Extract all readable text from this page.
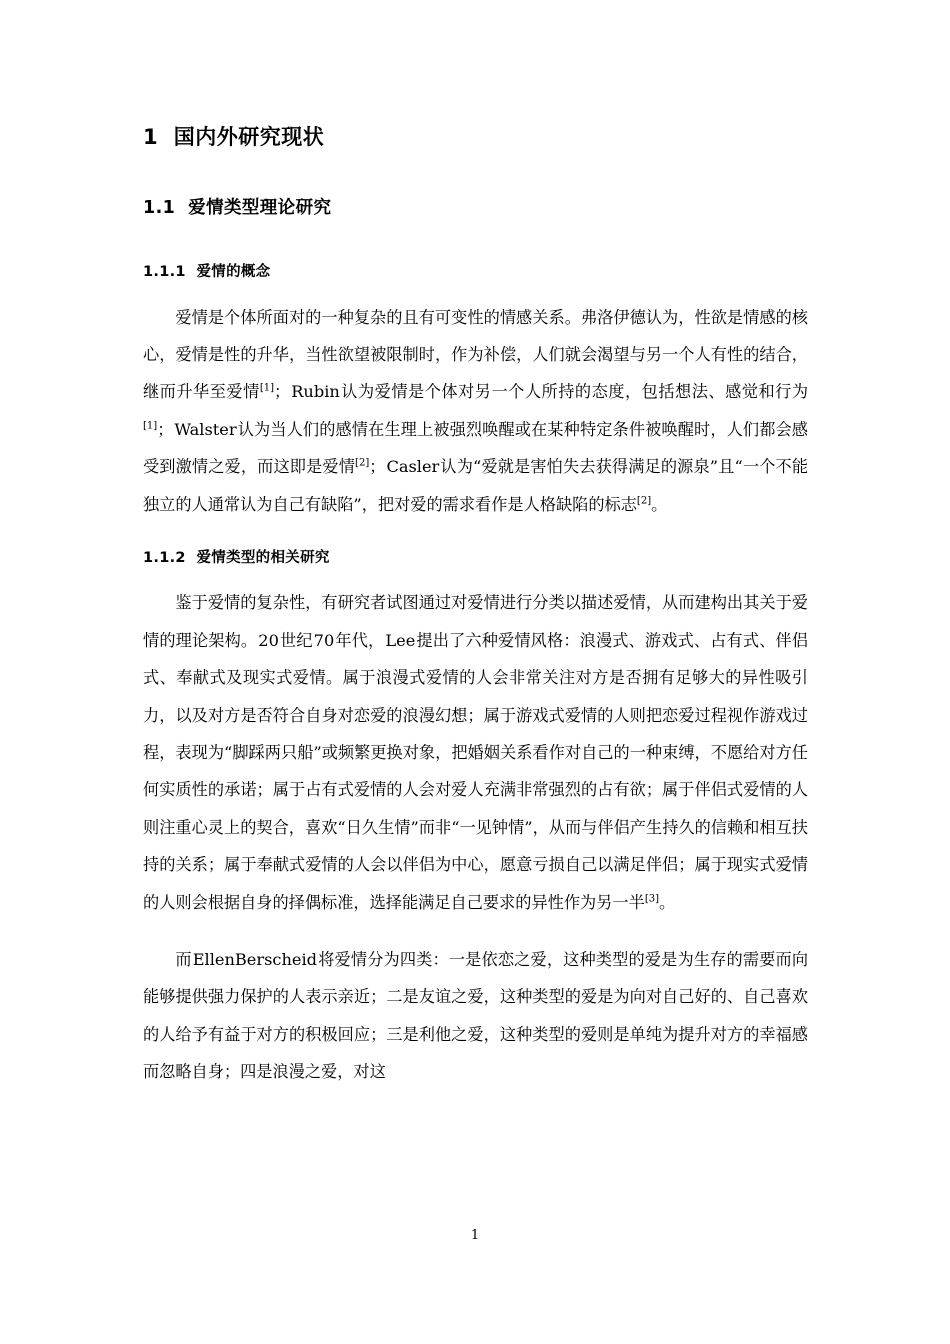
1  国内外研究现状
1.1  爱情类型理论研究
1.1.1  爱情的概念

爱情是个体所面对的一种复杂的且有可变性的情感关系。弗洛伊德认为，性欲是情感的核心，爱情是性的升华，当性欲望被限制时，作为补偿，人们就会渴望与另一个人有性的结合，继而升华至爱情[1]；Rubin认为爱情是个体对另一个人所持的态度，包括想法、感觉和行为[1]；Walster认为当人们的感情在生理上被强烈唤醒或在某种特定条件被唤醒时，人们都会感受到激情之爱，而这即是爱情[2]；Casler认为“爱就是害怕失去获得满足的源泉”且“一个不能独立的人通常认为自己有缺陷”，把对爱的需求看作是人格缺陷的标志[2]。

1.1.2  爱情类型的相关研究

鉴于爱情的复杂性，有研究者试图通过对爱情进行分类以描述爱情，从而建构出其关于爱情的理论架构。20世纪70年代，Lee提出了六种爱情风格：浪漫式、游戏式、占有式、伴侣式、奉献式及现实式爱情。属于浪漫式爱情的人会非常关注对方是否拥有足够大的异性吸引力，以及对方是否符合自身对恋爱的浪漫幻想；属于游戏式爱情的人则把恋爱过程视作游戏过程，表现为“脚踩两只船”或频繁更换对象，把婚姻关系看作对自己的一种束缚，不愿给对方任何实质性的承诺；属于占有式爱情的人会对爱人充满非常强烈的占有欲；属于伴侣式爱情的人则注重心灵上的契合，喜欢“日久生情”而非“一见钟情”，从而与伴侣产生持久的信赖和相互扶持的关系；属于奉献式爱情的人会以伴侣为中心，愿意亏损自己以满足伴侣；属于现实式爱情的人则会根据自身的择偶标准，选择能满足自己要求的异性作为另一半[3]。

而EllenBerscheid将爱情分为四类：一是依恋之爱，这种类型的爱是为生存的需要而向能够提供强力保护的人表示亲近；二是友谊之爱，这种类型的爱是为向对自己好的、自己喜欢的人给予有益于对方的积极回应；三是利他之爱，这种类型的爱则是单纯为提升对方的幸福感而忽略自身；四是浪漫之爱，对这

1
